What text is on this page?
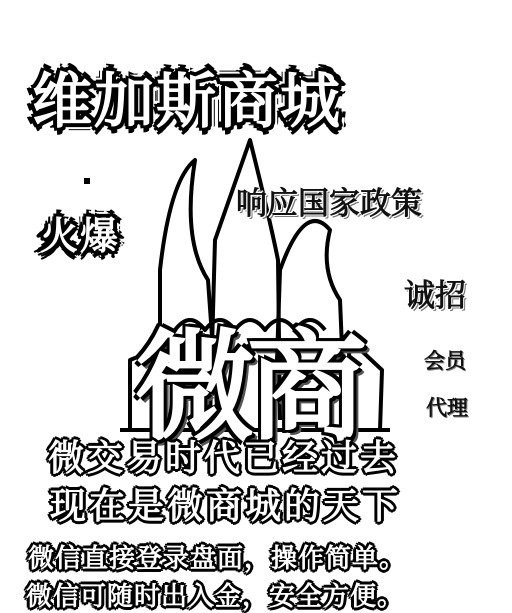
维加斯商城
响应国家政策
火爆
诚招
会员
代理
微
商
微交易时代已经过去
现在是微商城的天下
微信直接登录盘面，操作简单。
微信可随时出入金，安全方便。
